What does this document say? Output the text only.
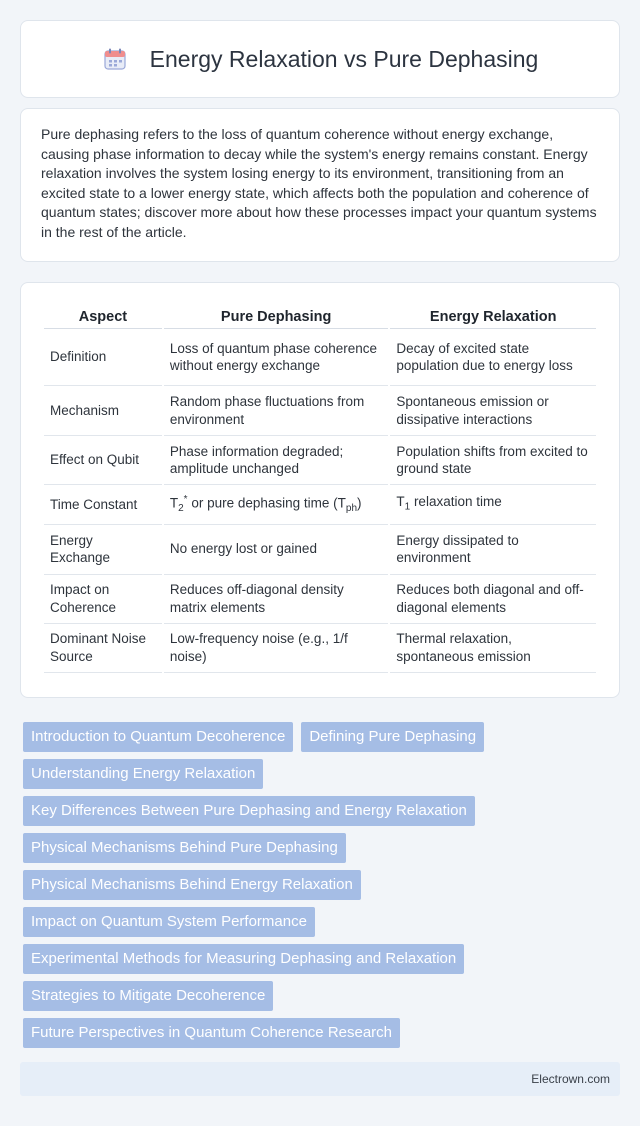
Energy Relaxation vs Pure Dephasing

Pure dephasing refers to the loss of quantum coherence without energy exchange, causing phase information to decay while the system's energy remains constant. Energy relaxation involves the system losing energy to its environment, transitioning from an excited state to a lower energy state, which affects both the population and coherence of quantum states; discover more about how these processes impact your quantum systems in the rest of the article.

Aspect	Pure Dephasing	Energy Relaxation
Definition	Loss of quantum phase coherence without energy exchange	Decay of excited state population due to energy loss
Mechanism	Random phase fluctuations from environment	Spontaneous emission or dissipative interactions
Effect on Qubit	Phase information degraded; amplitude unchanged	Population shifts from excited to ground state
Time Constant	$T_2^*$ or pure dephasing time $(T_{ph})$	$T_1$ relaxation time
Energy Exchange	No energy lost or gained	Energy dissipated to environment
Impact on Coherence	Reduces off-diagonal density matrix elements	Reduces both diagonal and off-diagonal elements
Dominant Noise Source	Low-frequency noise (e.g., 1/f noise)	Thermal relaxation, spontaneous emission
Introduction to Quantum Decoherence	Defining Pure Dephasing
Understanding Energy Relaxation
Key Differences Between Pure Dephasing and Energy Relaxation
Physical Mechanisms Behind Pure Dephasing
Physical Mechanisms Behind Energy Relaxation
Impact on Quantum System Performance
Experimental Methods for Measuring Dephasing and Relaxation
Strategies to Mitigate Decoherence
Future Perspectives in Quantum Coherence Research
Electrown.com
